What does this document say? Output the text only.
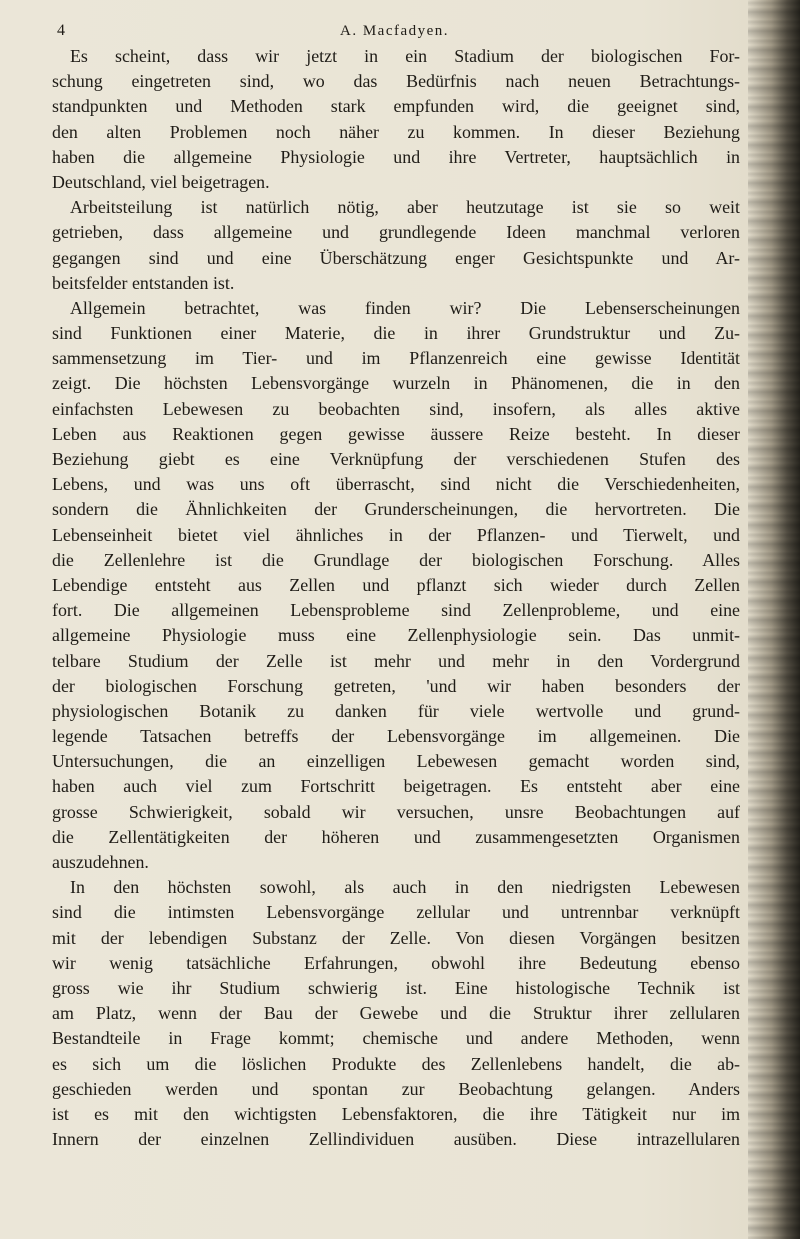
4	A. Macfadyen.
Es scheint, dass wir jetzt in ein Stadium der biologischen For-
schung eingetreten sind, wo das Bedürfnis nach neuen Betrachtungs-
standpunkten und Methoden stark empfunden wird, die geeignet sind,
den alten Problemen noch näher zu kommen. In dieser Beziehung
haben die allgemeine Physiologie und ihre Vertreter, hauptsächlich in
Deutschland, viel beigetragen.
Arbeitsteilung ist natürlich nötig, aber heutzutage ist sie so weit
getrieben, dass allgemeine und grundlegende Ideen manchmal verloren
gegangen sind und eine Überschätzung enger Gesichtspunkte und Ar-
beitsfelder entstanden ist.
Allgemein betrachtet, was finden wir? Die Lebenserscheinungen
sind Funktionen einer Materie, die in ihrer Grundstruktur und Zu-
sammensetzung im Tier- und im Pflanzenreich eine gewisse Identität
zeigt. Die höchsten Lebensvorgänge wurzeln in Phänomenen, die in den
einfachsten Lebewesen zu beobachten sind, insofern, als alles aktive
Leben aus Reaktionen gegen gewisse äussere Reize besteht. In dieser
Beziehung giebt es eine Verknüpfung der verschiedenen Stufen des
Lebens, und was uns oft überrascht, sind nicht die Verschiedenheiten,
sondern die Ähnlichkeiten der Grunderscheinungen, die hervortreten. Die
Lebenseinheit bietet viel ähnliches in der Pflanzen- und Tierwelt, und
die Zellenlehre ist die Grundlage der biologischen Forschung. Alles
Lebendige entsteht aus Zellen und pflanzt sich wieder durch Zellen
fort. Die allgemeinen Lebensprobleme sind Zellenprobleme, und eine
allgemeine Physiologie muss eine Zellenphysiologie sein. Das unmit-
telbare Studium der Zelle ist mehr und mehr in den Vordergrund
der biologischen Forschung getreten, 'und wir haben besonders der
physiologischen Botanik zu danken für viele wertvolle und grund-
legende Tatsachen betreffs der Lebensvorgänge im allgemeinen. Die
Untersuchungen, die an einzelligen Lebewesen gemacht worden sind,
haben auch viel zum Fortschritt beigetragen. Es entsteht aber eine
grosse Schwierigkeit, sobald wir versuchen, unsre Beobachtungen auf
die Zellentätigkeiten der höheren und zusammengesetzten Organismen
auszudehnen.
In den höchsten sowohl, als auch in den niedrigsten Lebewesen
sind die intimsten Lebensvorgänge zellular und untrennbar verknüpft
mit der lebendigen Substanz der Zelle. Von diesen Vorgängen besitzen
wir wenig tatsächliche Erfahrungen, obwohl ihre Bedeutung ebenso
gross wie ihr Studium schwierig ist. Eine histologische Technik ist
am Platz, wenn der Bau der Gewebe und die Struktur ihrer zellularen
Bestandteile in Frage kommt; chemische und andere Methoden, wenn
es sich um die löslichen Produkte des Zellenlebens handelt, die ab-
geschieden werden und spontan zur Beobachtung gelangen. Anders
ist es mit den wichtigsten Lebensfaktoren, die ihre Tätigkeit nur im
Innern der einzelnen Zellindividuen ausüben. Diese intrazellularen
